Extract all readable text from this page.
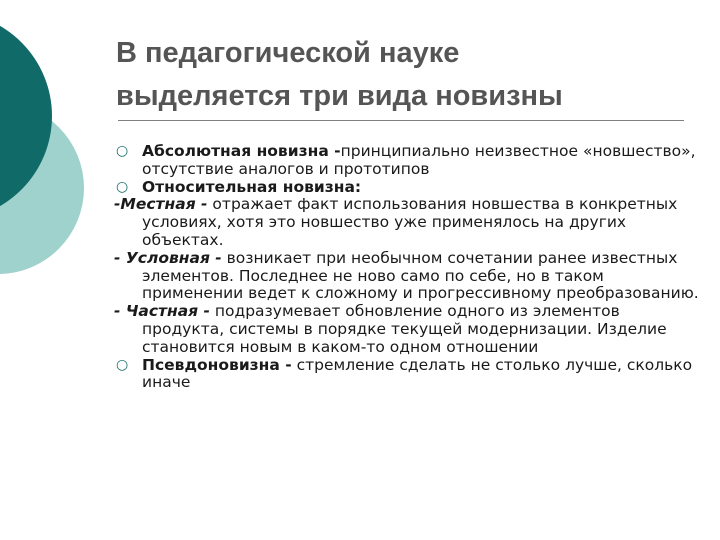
В педагогической науке
выделяется три вида новизны
○ Абсолютная новизна -принципиально неизвестное «новшество», отсутствие аналогов и прототипов
○ Относительная новизна:
-Местная - отражает факт использования новшества в конкретных условиях, хотя это новшество уже применялось на других объектах.
- Условная - возникает при необычном сочетании ранее известных элементов. Последнее не ново само по себе, но в таком применении ведет к сложному и прогрессивному преобразованию.
- Частная - подразумевает обновление одного из элементов продукта, системы в порядке текущей модернизации. Изделие становится новым в каком-то одном отношении
○ Псевдоновизна - стремление сделать не столько лучше, сколько иначе
